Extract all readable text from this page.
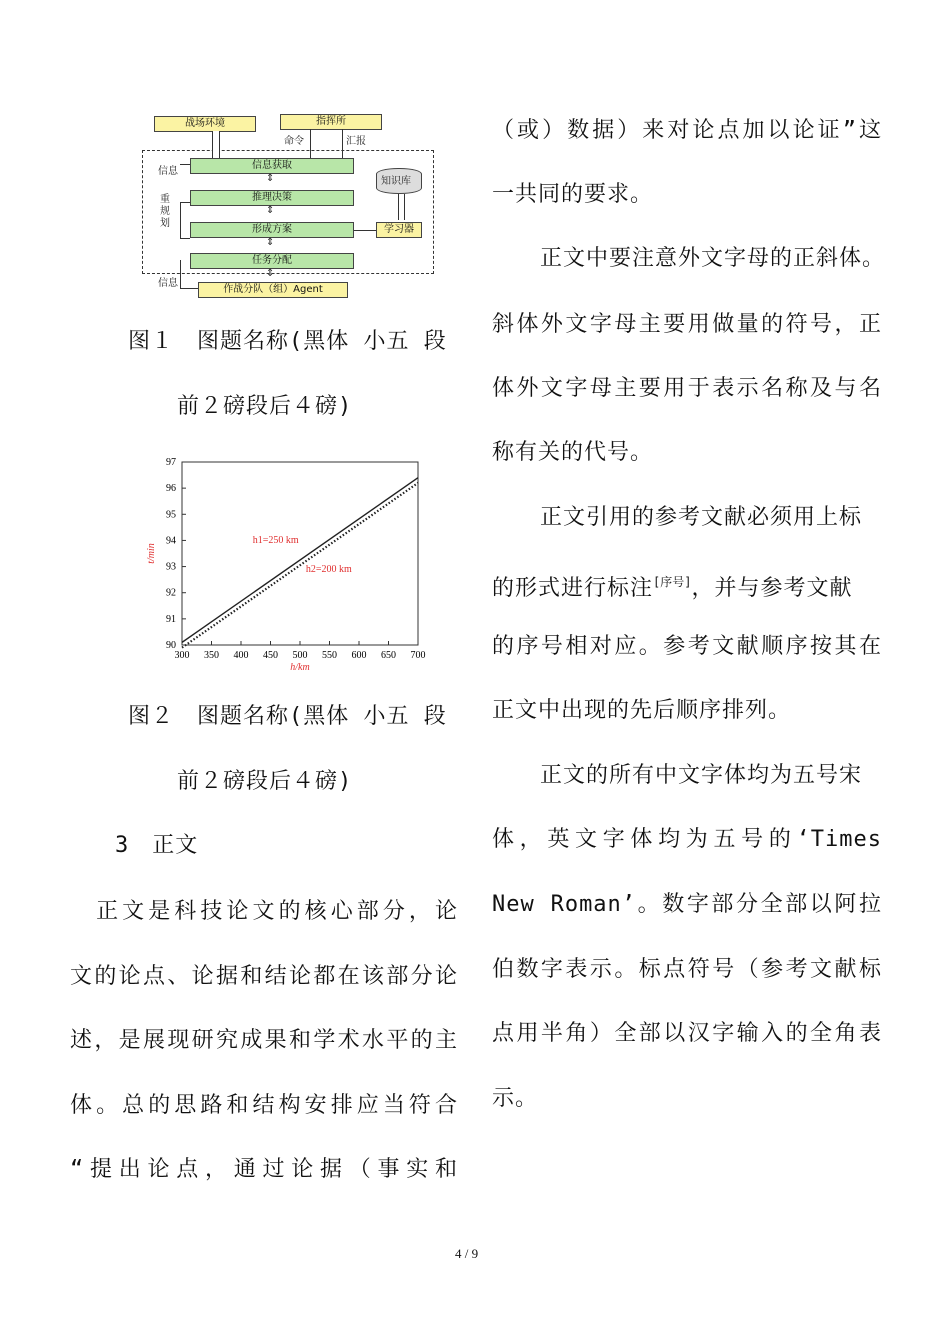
战场环境	指挥所
命令	汇报
信息
重规划
信息
信息获取
推理决策
形成方案
任务分配
⇕
⇕
⇕
⇕
知识库
学习器
作战分队（组）Agent
图１　图题名称(黑体 小五 段
前２磅段后４磅)
300 350 400 450 500 550 600 650 700
90
91
92
93
94
95
96
97
h1=250 km
h2=200 km
h/km
t/min
图２　图题名称(黑体 小五 段
前２磅段后４磅)
3　正文
　正文是科技论文的核心部分，论
文的论点、论据和结论都在该部分论
述，是展现研究成果和学术水平的主
体。总的思路和结构安排应当符合
“提出论点，通过论据（事实和
（或）数据）来对论点加以论证”这
一共同的要求。
正文中要注意外文字母的正斜体。
斜体外文字母主要用做量的符号，正
体外文字母主要用于表示名称及与名
称有关的代号。
正文引用的参考文献必须用上标
的形式进行标注[序号]，并与参考文献
的序号相对应。参考文献顺序按其在
正文中出现的先后顺序排列。
正文的所有中文字体均为五号宋
体，英文字体均为五号的‘Times
New Roman’。数字部分全部以阿拉
伯数字表示。标点符号（参考文献标
点用半角）全部以汉字输入的全角表
示。
4 / 9
